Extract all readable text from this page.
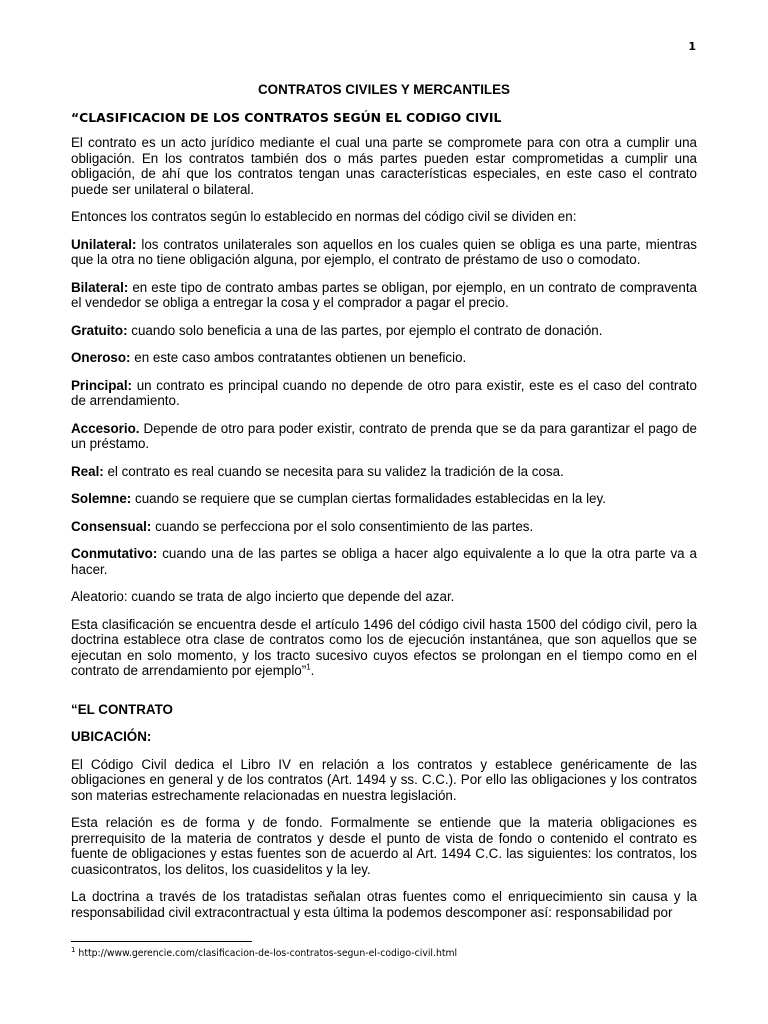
1
CONTRATOS CIVILES Y MERCANTILES
“CLASIFICACION DE LOS CONTRATOS SEGÚN EL CODIGO CIVIL

El contrato es un acto jurídico mediante el cual una parte se compromete para con otra a cumplir una obligación. En los contratos también dos o más partes pueden estar comprometidas a cumplir una obligación, de ahí que los contratos tengan unas características especiales, en este caso el contrato puede ser unilateral o bilateral.

Entonces los contratos según lo establecido en normas del código civil se dividen en:

Unilateral: los contratos unilaterales son aquellos en los cuales quien se obliga es una parte, mientras que la otra no tiene obligación alguna, por ejemplo, el contrato de préstamo de uso o comodato.

Bilateral: en este tipo de contrato ambas partes se obligan, por ejemplo, en un contrato de compraventa el vendedor se obliga a entregar la cosa y el comprador a pagar el precio.

Gratuito: cuando solo beneficia a una de las partes, por ejemplo el contrato de donación.

Oneroso: en este caso ambos contratantes obtienen un beneficio.

Principal: un contrato es principal cuando no depende de otro para existir, este es el caso del contrato de arrendamiento.

Accesorio. Depende de otro para poder existir, contrato de prenda que se da para garantizar el pago de un préstamo.

Real: el contrato es real cuando se necesita para su validez la tradición de la cosa.

Solemne: cuando se requiere que se cumplan ciertas formalidades establecidas en la ley.

Consensual: cuando se perfecciona por el solo consentimiento de las partes.

Conmutativo: cuando una de las partes se obliga a hacer algo equivalente a lo que la otra parte va a hacer.

Aleatorio: cuando se trata de algo incierto que depende del azar.

Esta clasificación se encuentra desde el artículo 1496 del código civil hasta 1500 del código civil, pero la doctrina establece otra clase de contratos como los de ejecución instantánea, que son aquellos que se ejecutan en solo momento, y los tracto sucesivo cuyos efectos se prolongan en el tiempo como en el contrato de arrendamiento por ejemplo”$^1$.

“EL CONTRATO
UBICACIÓN:

El Código Civil dedica el Libro IV en relación a los contratos y establece genéricamente de las obligaciones en general y de los contratos (Art. 1494 y ss. C.C.). Por ello las obligaciones y los contratos son materias estrechamente relacionadas en nuestra legislación.

Esta relación es de forma y de fondo. Formalmente se entiende que la materia obligaciones es prerrequisito de la materia de contratos y desde el punto de vista de fondo o contenido el contrato es fuente de obligaciones y estas fuentes son de acuerdo al Art. 1494 C.C. las siguientes: los contratos, los cuasicontratos, los delitos, los cuasidelitos y la ley.

La doctrina a través de los tratadistas señalan otras fuentes como el enriquecimiento sin causa y la responsabilidad civil extracontractual y esta última la podemos descomponer así: responsabilidad por

$^1$ http://www.gerencie.com/clasificacion-de-los-contratos-segun-el-codigo-civil.html
